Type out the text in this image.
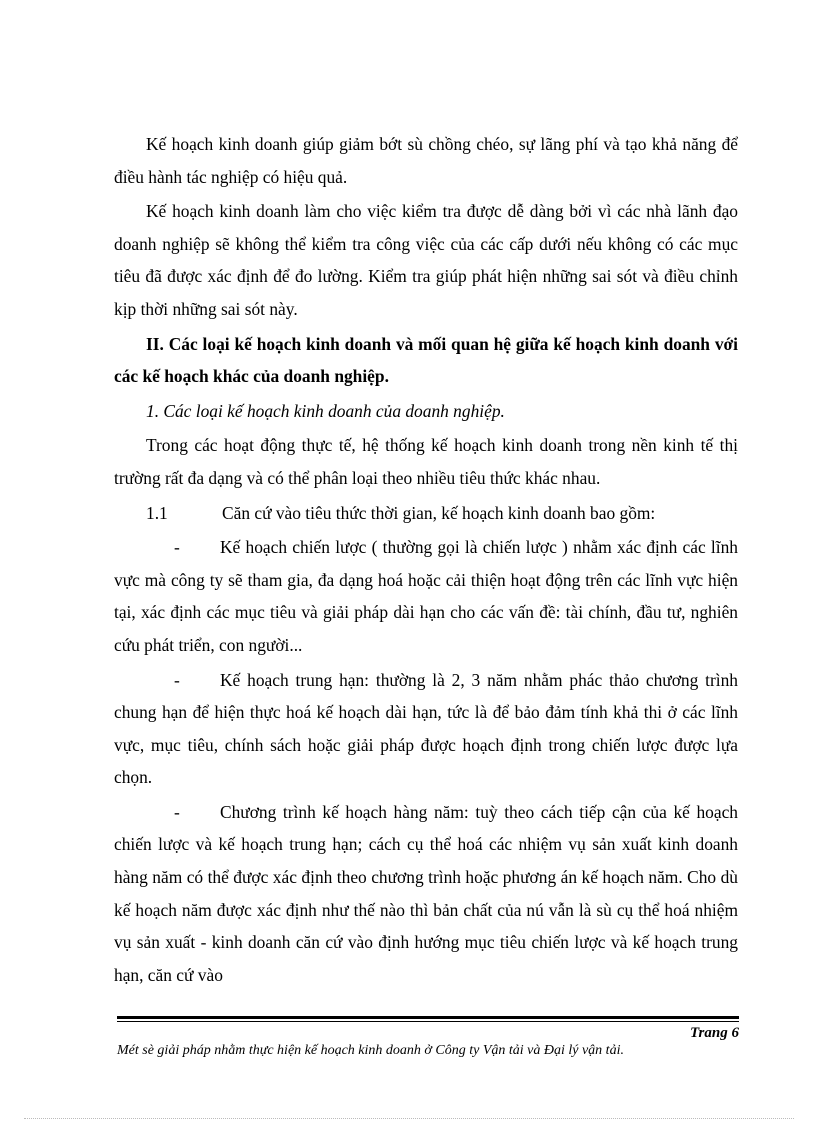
Kế hoạch kinh doanh giúp giảm bớt sù chồng chéo, sự lãng phí và tạo khả năng để điều hành tác nghiệp có hiệu quả.

Kế hoạch kinh doanh làm cho việc kiểm tra được dễ dàng bởi vì các nhà lãnh đạo doanh nghiệp sẽ không thể kiểm tra công việc của các cấp dưới nếu không có các mục tiêu đã được xác định để đo lường. Kiểm tra giúp phát hiện những sai sót và điều chỉnh kịp thời những sai sót này.

II. Các loại kế hoạch kinh doanh và mối quan hệ giữa kế hoạch kinh doanh với các kế hoạch khác của doanh nghiệp.

1. Các loại kế hoạch kinh doanh của doanh nghiệp.

Trong các hoạt động thực tế, hệ thống kế hoạch kinh doanh trong nền kinh tế thị trường rất đa dạng và có thể phân loại theo nhiều tiêu thức khác nhau.

1.1	Căn cứ vào tiêu thức thời gian, kế hoạch kinh doanh bao gồm:

- Kế hoạch chiến lược ( thường gọi là chiến lược ) nhằm xác định các lĩnh vực mà công ty sẽ tham gia, đa dạng hoá hoặc cải thiện hoạt động trên các lĩnh vực hiện tại, xác định các mục tiêu và giải pháp dài hạn cho các vấn đề: tài chính, đầu tư, nghiên cứu phát triển, con người...

- Kế hoạch trung hạn: thường là 2, 3 năm nhằm phác thảo chương trình chung hạn để hiện thực hoá kế hoạch dài hạn, tức là để bảo đảm tính khả thi ở các lĩnh vực, mục tiêu, chính sách hoặc giải pháp được hoạch định trong chiến lược được lựa chọn.

- Chương trình kế hoạch hàng năm: tuỳ theo cách tiếp cận của kế hoạch chiến lược và kế hoạch trung hạn; cách cụ thể hoá các nhiệm vụ sản xuất kinh doanh hàng năm có thể được xác định theo chương trình hoặc phương án kế hoạch năm. Cho dù kế hoạch năm được xác định như thế nào thì bản chất của nú vẫn là sù cụ thể hoá nhiệm vụ sản xuất - kinh doanh căn cứ vào định hướng mục tiêu chiến lược và kế hoạch trung hạn, căn cứ vào

Trang 6
Mét sè giải pháp nhằm thực hiện kế hoạch kinh doanh ở Công ty Vận tải và Đại lý vận tải.
